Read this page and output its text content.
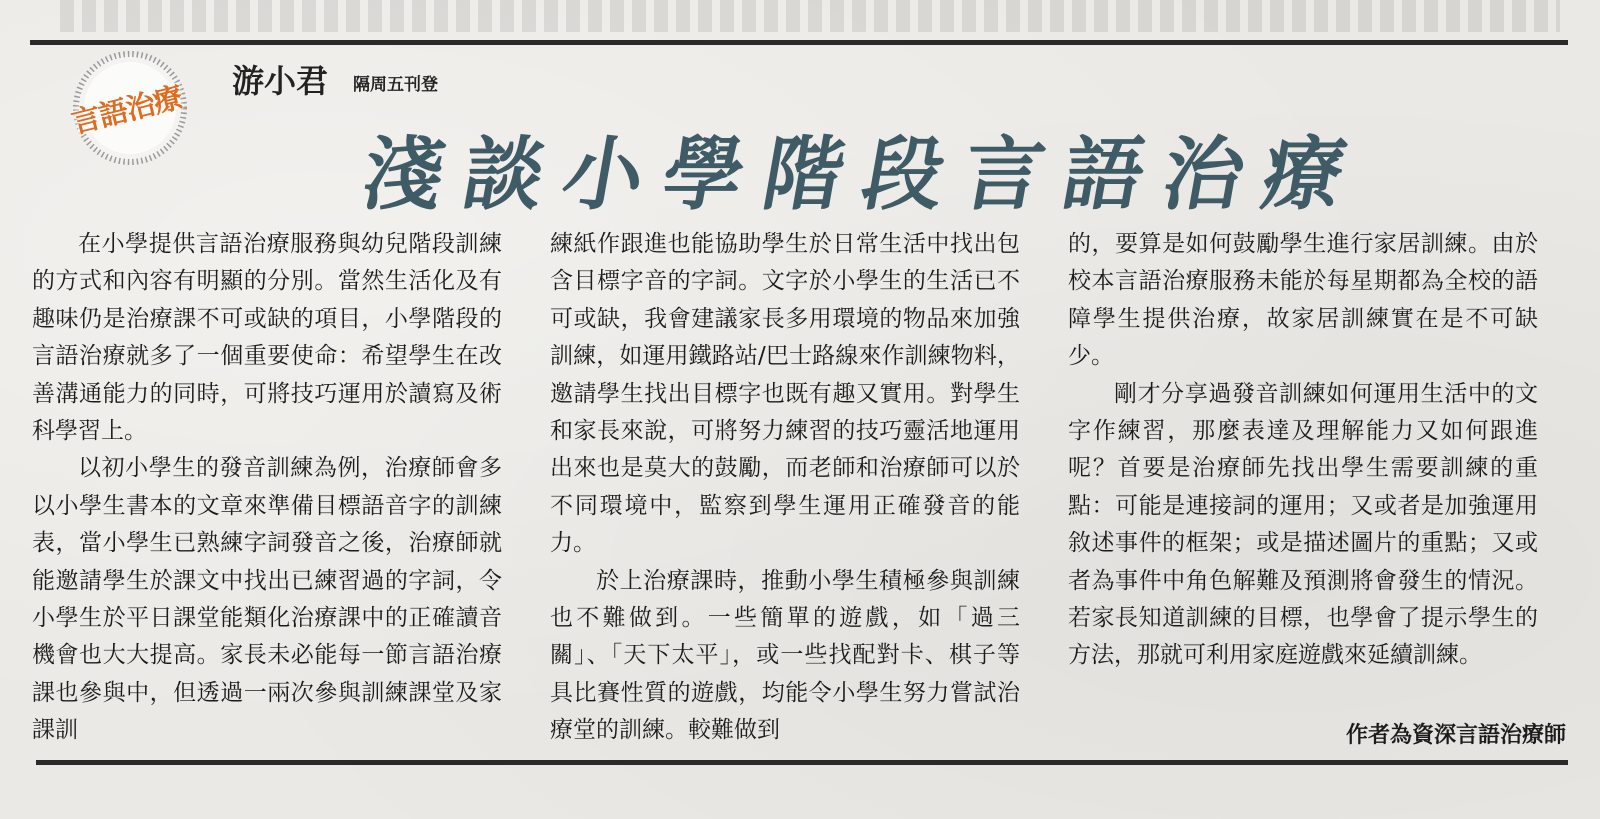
言語治療	游小君 隔周五刊登
淺談小學階段言語治療

在小學提供言語治療服務與幼兒階段訓練的方式和內容有明顯的分別。當然生活化及有趣味仍是治療課不可或缺的項目，小學階段的言語治療就多了一個重要使命：希望學生在改善溝通能力的同時，可將技巧運用於讀寫及術科學習上。

以初小學生的發音訓練為例，治療師會多以小學生書本的文章來準備目標語音字的訓練表，當小學生已熟練字詞發音之後，治療師就能邀請學生於課文中找出已練習過的字詞，令小學生於平日課堂能類化治療課中的正確讀音機會也大大提高。家長未必能每一節言語治療課也參與中，但透過一兩次參與訓練課堂及家課訓

練紙作跟進也能協助學生於日常生活中找出包含目標字音的字詞。文字於小學生的生活已不可或缺，我會建議家長多用環境的物品來加強訓練，如運用鐵路站/巴士路線來作訓練物料，邀請學生找出目標字也既有趣又實用。對學生和家長來說，可將努力練習的技巧靈活地運用出來也是莫大的鼓勵，而老師和治療師可以於不同環境中，監察到學生運用正確發音的能力。

於上治療課時，推動小學生積極參與訓練也不難做到。一些簡單的遊戲，如「過三關」、「天下太平」，或一些找配對卡、棋子等具比賽性質的遊戲，均能令小學生努力嘗試治療堂的訓練。較難做到

的，要算是如何鼓勵學生進行家居訓練。由於校本言語治療服務未能於每星期都為全校的語障學生提供治療，故家居訓練實在是不可缺少。

剛才分享過發音訓練如何運用生活中的文字作練習，那麼表達及理解能力又如何跟進呢？首要是治療師先找出學生需要訓練的重點：可能是連接詞的運用；又或者是加強運用敘述事件的框架；或是描述圖片的重點；又或者為事件中角色解難及預測將會發生的情況。若家長知道訓練的目標，也學會了提示學生的方法，那就可利用家庭遊戲來延續訓練。

作者為資深言語治療師
